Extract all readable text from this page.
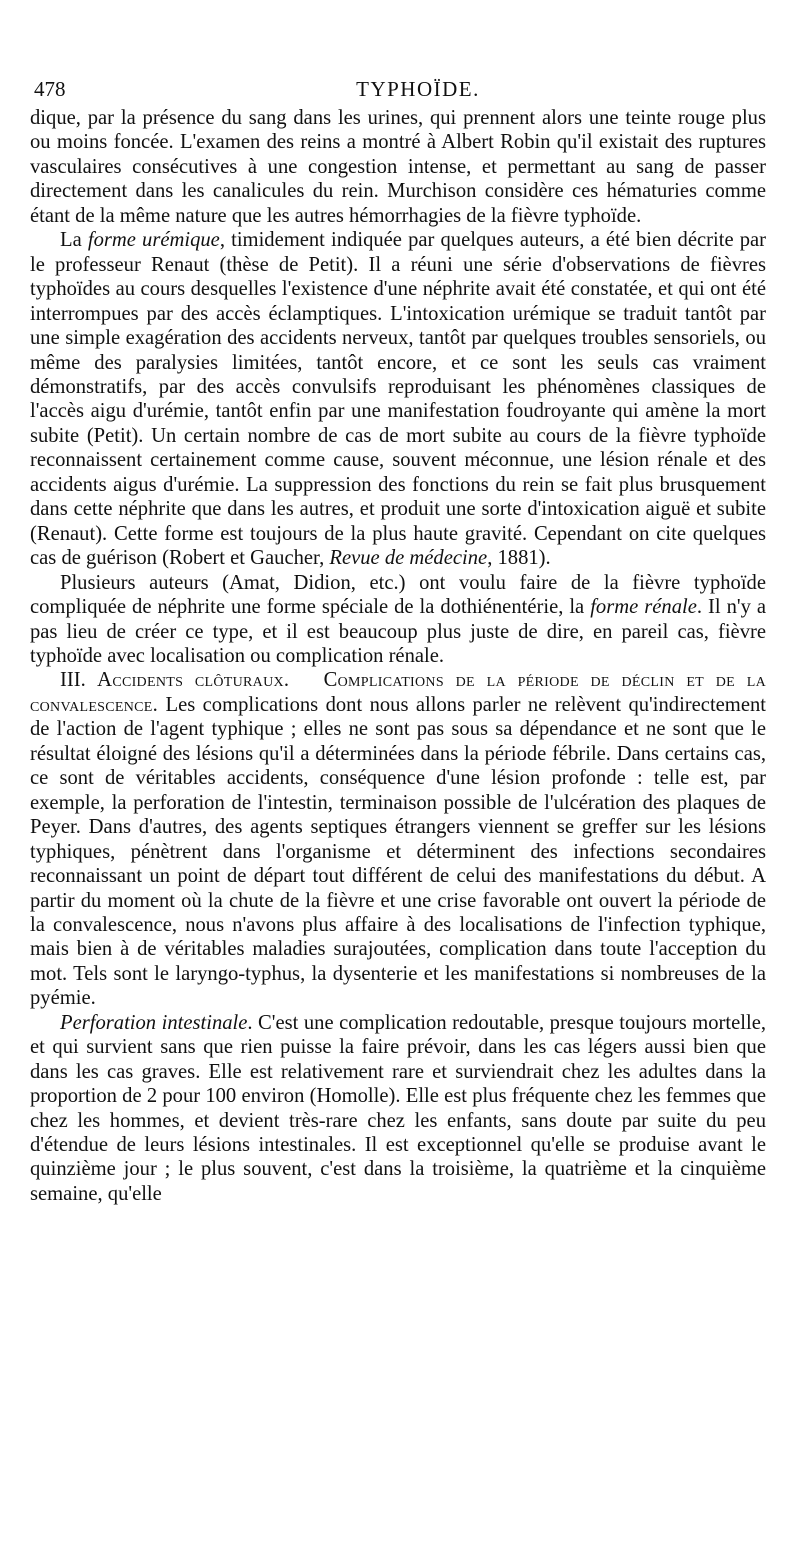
478	TYPHOÏDE.

dique, par la présence du sang dans les urines, qui prennent alors une teinte rouge plus ou moins foncée. L'examen des reins a montré à Albert Robin qu'il existait des ruptures vasculaires consécutives à une congestion intense, et permettant au sang de passer directement dans les canalicules du rein. Murchison considère ces hématuries comme étant de la même nature que les autres hémorrhagies de la fièvre typhoïde.

La forme urémique, timidement indiquée par quelques auteurs, a été bien décrite par le professeur Renaut (thèse de Petit). Il a réuni une série d'observations de fièvres typhoïdes au cours desquelles l'existence d'une néphrite avait été constatée, et qui ont été interrompues par des accès éclamptiques. L'intoxication urémique se traduit tantôt par une simple exagération des accidents nerveux, tantôt par quelques troubles sensoriels, ou même des paralysies limitées, tantôt encore, et ce sont les seuls cas vraiment démonstratifs, par des accès convulsifs reproduisant les phénomènes classiques de l'accès aigu d'urémie, tantôt enfin par une manifestation foudroyante qui amène la mort subite (Petit). Un certain nombre de cas de mort subite au cours de la fièvre typhoïde reconnaissent certainement comme cause, souvent méconnue, une lésion rénale et des accidents aigus d'urémie. La suppression des fonctions du rein se fait plus brusquement dans cette néphrite que dans les autres, et produit une sorte d'intoxication aiguë et subite (Renaut). Cette forme est toujours de la plus haute gravité. Cependant on cite quelques cas de guérison (Robert et Gaucher, Revue de médecine, 1881).

Plusieurs auteurs (Amat, Didion, etc.) ont voulu faire de la fièvre typhoïde compliquée de néphrite une forme spéciale de la dothiénentérie, la forme rénale. Il n'y a pas lieu de créer ce type, et il est beaucoup plus juste de dire, en pareil cas, fièvre typhoïde avec localisation ou complication rénale.

III. Accidents clôturaux. Complications de la période de déclin et de la convalescence. Les complications dont nous allons parler ne relèvent qu'indirectement de l'action de l'agent typhique ; elles ne sont pas sous sa dépendance et ne sont que le résultat éloigné des lésions qu'il a déterminées dans la période fébrile. Dans certains cas, ce sont de véritables accidents, conséquence d'une lésion profonde : telle est, par exemple, la perforation de l'intestin, terminaison possible de l'ulcération des plaques de Peyer. Dans d'autres, des agents septiques étrangers viennent se greffer sur les lésions typhiques, pénètrent dans l'organisme et déterminent des infections secondaires reconnaissant un point de départ tout différent de celui des manifestations du début. A partir du moment où la chute de la fièvre et une crise favorable ont ouvert la période de la convalescence, nous n'avons plus affaire à des localisations de l'infection typhique, mais bien à de véritables maladies surajoutées, complication dans toute l'acception du mot. Tels sont le laryngo-typhus, la dysenterie et les manifestations si nombreuses de la pyémie.

Perforation intestinale. C'est une complication redoutable, presque toujours mortelle, et qui survient sans que rien puisse la faire prévoir, dans les cas légers aussi bien que dans les cas graves. Elle est relativement rare et surviendrait chez les adultes dans la proportion de 2 pour 100 environ (Homolle). Elle est plus fréquente chez les femmes que chez les hommes, et devient très-rare chez les enfants, sans doute par suite du peu d'étendue de leurs lésions intestinales. Il est exceptionnel qu'elle se produise avant le quinzième jour ; le plus souvent, c'est dans la troisième, la quatrième et la cinquième semaine, qu'elle
